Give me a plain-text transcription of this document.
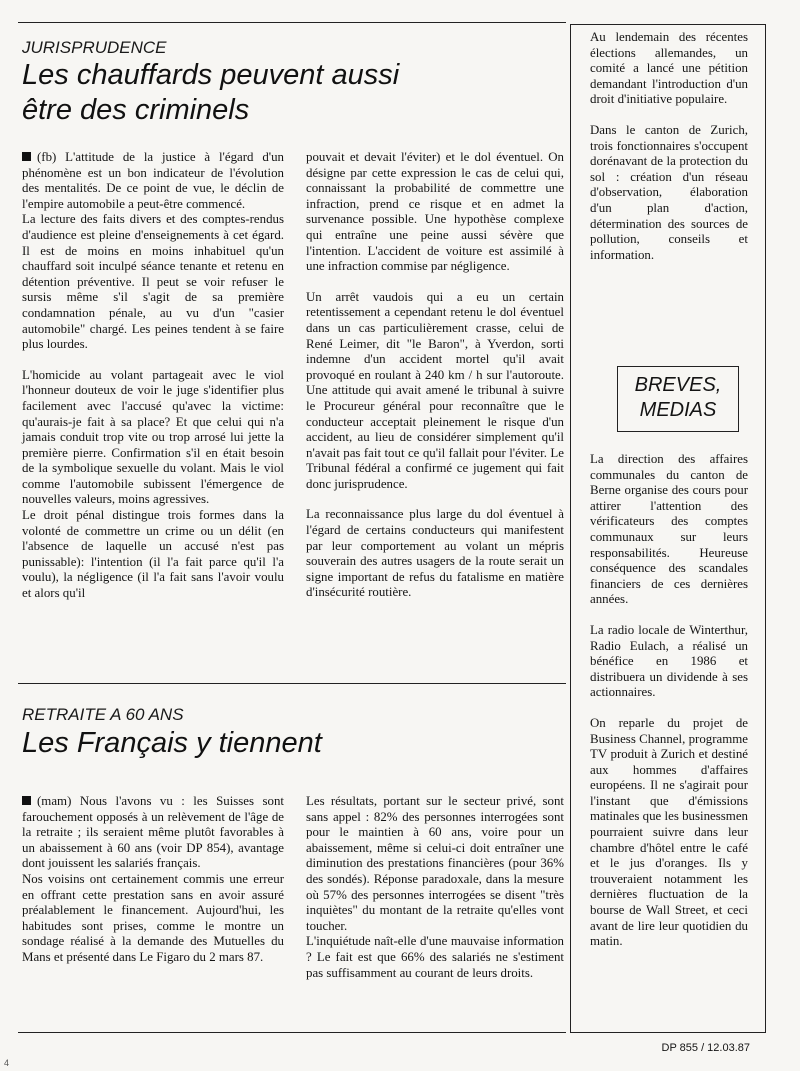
JURISPRUDENCE
Les chauffards peuvent aussi
être des criminels

(fb) L'attitude de la justice à l'égard d'un phénomène est un bon indicateur de l'évolution des mentalités. De ce point de vue, le déclin de l'empire automobile a peut-être commencé.

La lecture des faits divers et des comptes-rendus d'audience est pleine d'enseignements à cet égard. Il est de moins en moins inhabituel qu'un chauffard soit inculpé séance tenante et retenu en détention préventive. Il peut se voir refuser le sursis même s'il s'agit de sa première condamnation pénale, au vu d'un "casier automobile" chargé. Les peines tendent à se faire plus lourdes.

L'homicide au volant partageait avec le viol l'honneur douteux de voir le juge s'identifier plus facilement avec l'accusé qu'avec la victime: qu'aurais-je fait à sa place? Et que celui qui n'a jamais conduit trop vite ou trop arrosé lui jette la première pierre. Confirmation s'il en était besoin de la symbolique sexuelle du volant. Mais le viol comme l'automobile subissent l'émergence de nouvelles valeurs, moins agressives.

Le droit pénal distingue trois formes dans la volonté de commettre un crime ou un délit (en l'absence de laquelle un accusé n'est pas punissable): l'intention (il l'a fait parce qu'il l'a voulu), la négligence (il l'a fait sans l'avoir voulu et alors qu'il

pouvait et devait l'éviter) et le dol éventuel. On désigne par cette expression le cas de celui qui, connaissant la probabilité de commettre une infraction, prend ce risque et en admet la survenance possible. Une hypothèse complexe qui entraîne une peine aussi sévère que l'intention. L'accident de voiture est assimilé à une infraction commise par négligence.

Un arrêt vaudois qui a eu un certain retentissement a cependant retenu le dol éventuel dans un cas particulièrement crasse, celui de René Leimer, dit "le Baron", à Yverdon, sorti indemne d'un accident mortel qu'il avait provoqué en roulant à 240 km / h sur l'autoroute. Une attitude qui avait amené le tribunal à suivre le Procureur général pour reconnaître que le conducteur acceptait pleinement le risque d'un accident, au lieu de considérer simplement qu'il n'avait pas fait tout ce qu'il fallait pour l'éviter. Le Tribunal fédéral a confirmé ce jugement qui fait donc jurisprudence.

La reconnaissance plus large du dol éventuel à l'égard de certains conducteurs qui manifestent par leur comportement au volant un mépris souverain des autres usagers de la route serait un signe important de refus du fatalisme en matière d'insécurité routière.

RETRAITE A 60 ANS
Les Français y tiennent

(mam) Nous l'avons vu : les Suisses sont farouchement opposés à un relèvement de l'âge de la retraite ; ils seraient même plutôt favorables à un abaissement à 60 ans (voir DP 854), avantage dont jouissent les salariés français.

Nos voisins ont certainement commis une erreur en offrant cette prestation sans en avoir assuré préalablement le financement. Aujourd'hui, les habitudes sont prises, comme le montre un sondage réalisé à la demande des Mutuelles du Mans et présenté dans Le Figaro du 2 mars 87.

Les résultats, portant sur le secteur privé, sont sans appel : 82% des personnes interrogées sont pour le maintien à 60 ans, voire pour un abaissement, même si celui-ci doit entraîner une diminution des prestations financières (pour 36% des sondés). Réponse paradoxale, dans la mesure où 57% des personnes interrogées se disent "très inquiètes" du montant de la retraite qu'elles vont toucher.

L'inquiétude naît-elle d'une mauvaise information ? Le fait est que 66% des salariés ne s'estiment pas suffisamment au courant de leurs droits.

Au lendemain des récentes élections allemandes, un comité a lancé une pétition demandant l'introduction d'un droit d'initiative populaire.

Dans le canton de Zurich, trois fonctionnaires s'occupent dorénavant de la protection du sol : création d'un réseau d'observation, élaboration d'un plan d'action, détermination des sources de pollution, conseils et information.

BREVES,
MEDIAS

La direction des affaires communales du canton de Berne organise des cours pour attirer l'attention des vérificateurs des comptes communaux sur leurs responsabilités. Heureuse conséquence des scandales financiers de ces dernières années.

La radio locale de Winterthur, Radio Eulach, a réalisé un bénéfice en 1986 et distribuera un dividende à ses actionnaires.

On reparle du projet de Business Channel, programme TV produit à Zurich et destiné aux hommes d'affaires européens. Il ne s'agirait pour l'instant que d'émissions matinales que les businessmen pourraient suivre dans leur chambre d'hôtel entre le café et le jus d'oranges. Ils y trouveraient notamment les dernières fluctuation de la bourse de Wall Street, et ceci avant de lire leur quotidien du matin.

DP 855 / 12.03.87
4
